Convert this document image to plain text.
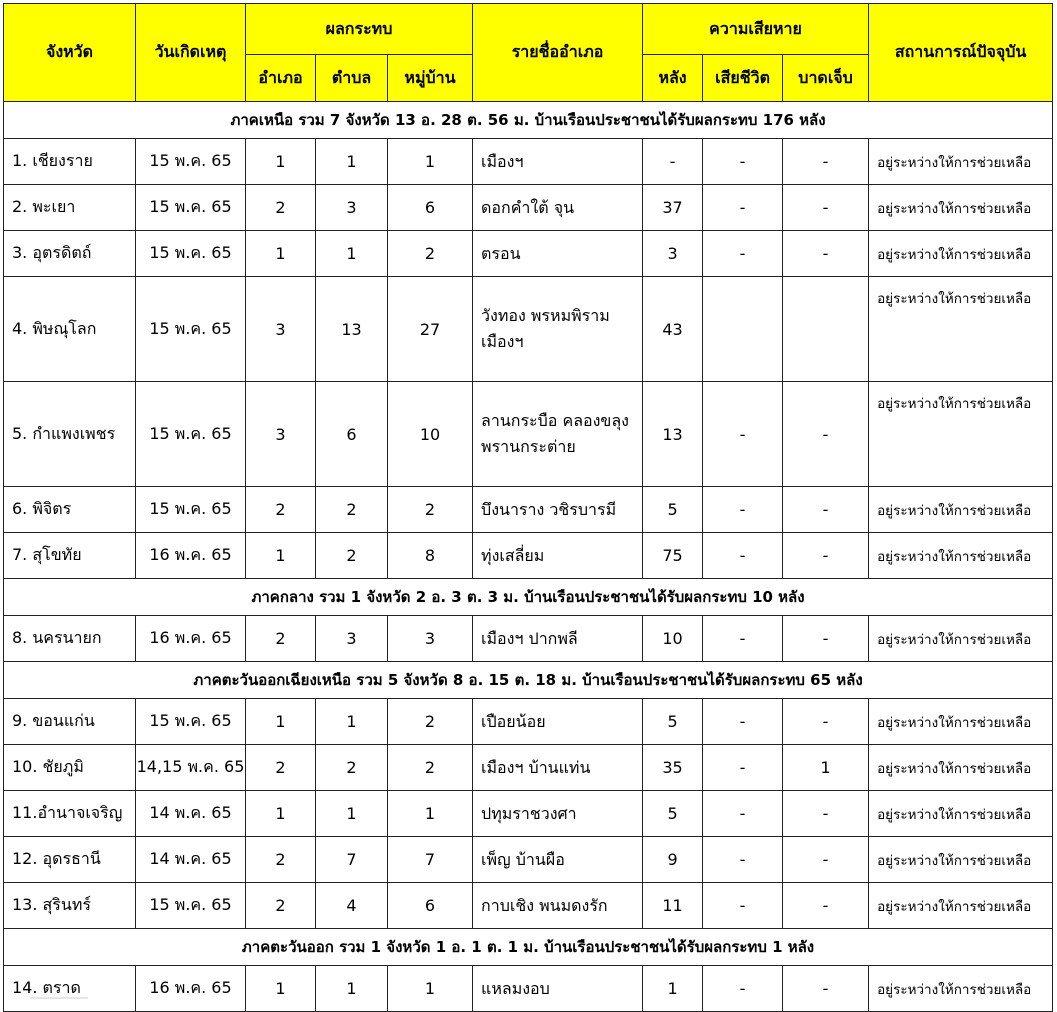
จังหวัด	วันเกิดเหตุ	ผลกระทบ			รายชื่ออำเภอ	ความเสียหาย			สถานการณ์ปัจจุบัน
		อำเภอ	ตำบล	หมู่บ้าน		หลัง	เสียชีวิต	บาดเจ็บ	
ภาคเหนือ รวม 7 จังหวัด 13 อ. 28 ต. 56 ม. บ้านเรือนประชาชนได้รับผลกระทบ 176 หลัง									
1. เชียงราย	15 พ.ค. 65	1	1	1	เมืองฯ	-	-	-	อยู่ระหว่างให้การช่วยเหลือ
2. พะเยา	15 พ.ค. 65	2	3	6	ดอกคำใต้ จุน	37	-	-	อยู่ระหว่างให้การช่วยเหลือ
3. อุตรดิตถ์	15 พ.ค. 65	1	1	2	ตรอน	3	-	-	อยู่ระหว่างให้การช่วยเหลือ
4. พิษณุโลก	15 พ.ค. 65	3	13	27	วังทอง พรหมพิราม
เมืองฯ	43			อยู่ระหว่างให้การช่วยเหลือ
5. กำแพงเพชร	15 พ.ค. 65	3	6	10	ลานกระบือ คลองขลุง
พรานกระต่าย	13	-	-	อยู่ระหว่างให้การช่วยเหลือ
6. พิจิตร	15 พ.ค. 65	2	2	2	บึงนาราง วชิรบารมี	5	-	-	อยู่ระหว่างให้การช่วยเหลือ
7. สุโขทัย	16 พ.ค. 65	1	2	8	ทุ่งเสลี่ยม	75	-	-	อยู่ระหว่างให้การช่วยเหลือ
ภาคกลาง รวม 1 จังหวัด 2 อ. 3 ต. 3 ม. บ้านเรือนประชาชนได้รับผลกระทบ 10 หลัง									
8. นครนายก	16 พ.ค. 65	2	3	3	เมืองฯ ปากพลี	10	-	-	อยู่ระหว่างให้การช่วยเหลือ
ภาคตะวันออกเฉียงเหนือ รวม 5 จังหวัด 8 อ. 15 ต. 18 ม. บ้านเรือนประชาชนได้รับผลกระทบ 65 หลัง									
9. ขอนแก่น	15 พ.ค. 65	1	1	2	เปือยน้อย	5	-	-	อยู่ระหว่างให้การช่วยเหลือ
10. ชัยภูมิ	14,15 พ.ค. 65	2	2	2	เมืองฯ บ้านแท่น	35	-	1	อยู่ระหว่างให้การช่วยเหลือ
11.อำนาจเจริญ	14 พ.ค. 65	1	1	1	ปทุมราชวงศา	5	-	-	อยู่ระหว่างให้การช่วยเหลือ
12. อุดรธานี	14 พ.ค. 65	2	7	7	เพ็ญ บ้านผือ	9	-	-	อยู่ระหว่างให้การช่วยเหลือ
13. สุรินทร์	15 พ.ค. 65	2	4	6	กาบเชิง พนมดงรัก	11	-	-	อยู่ระหว่างให้การช่วยเหลือ
ภาคตะวันออก รวม 1 จังหวัด 1 อ. 1 ต. 1 ม. บ้านเรือนประชาชนได้รับผลกระทบ 1 หลัง									
14. ตราด	16 พ.ค. 65	1	1	1	แหลมงอบ	1	-	-	อยู่ระหว่างให้การช่วยเหลือ
